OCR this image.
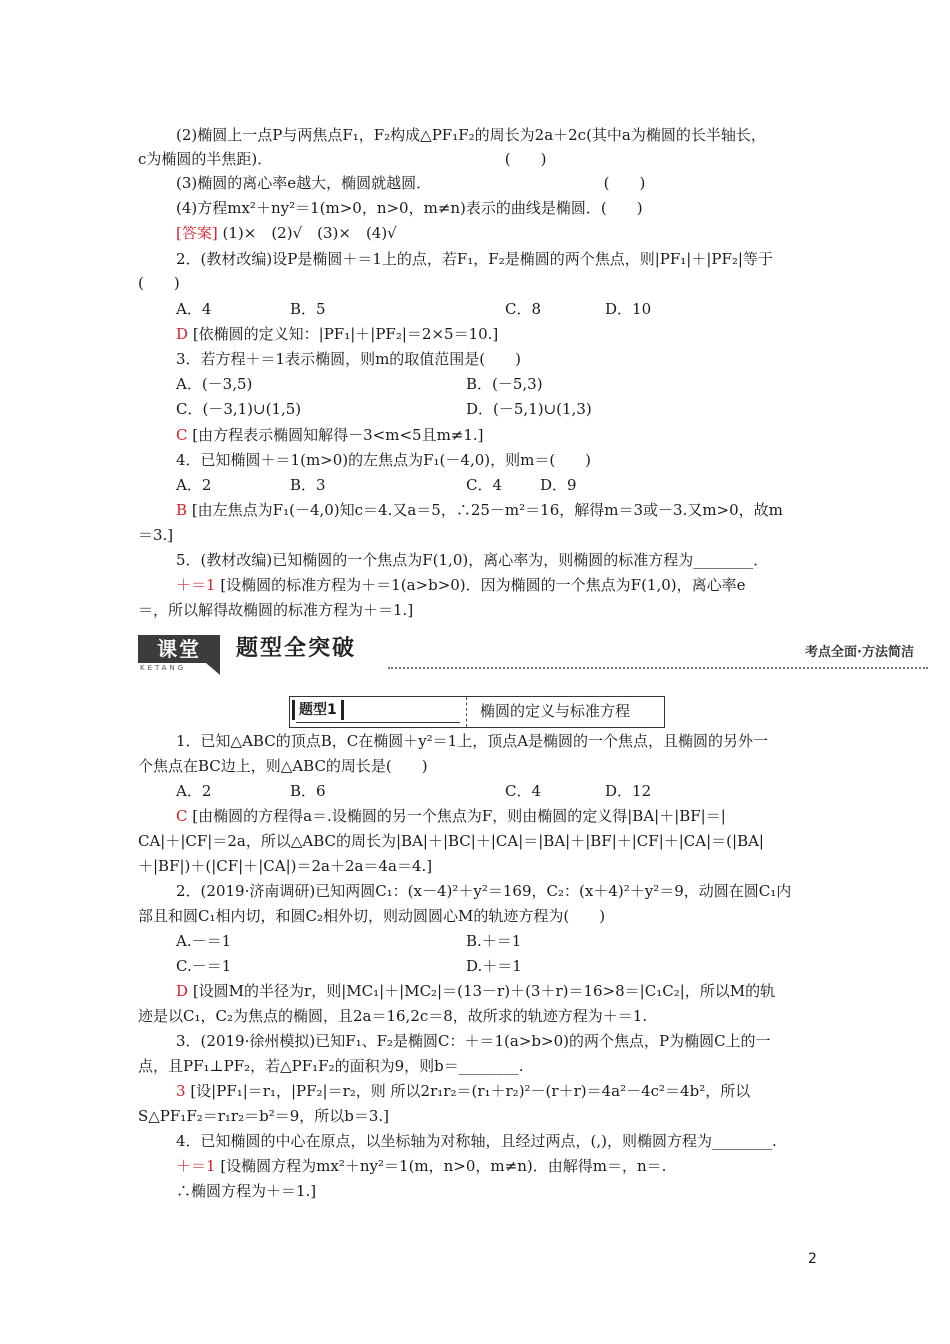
(2)椭圆上一点P与两焦点F₁，F₂构成△PF₁F₂的周长为2a＋2c(其中a为椭圆的长半轴长，
c为椭圆的半焦距)．　　　　　　　　　　　　　　　　(　　)
(3)椭圆的离心率e越大，椭圆就越圆．　　　　　　　　　　　　(　　)
(4)方程mx²＋ny²＝1(m>0，n>0，m≠n)表示的曲线是椭圆．(　　)
[答案] (1)×　(2)√　(3)×　(4)√
2．(教材改编)设P是椭圆＋＝1上的点，若F₁，F₂是椭圆的两个焦点，则|PF₁|＋|PF₂|等于
(　　)
A．4	B．5	C．8	D．10
D [依椭圆的定义知：|PF₁|＋|PF₂|＝2×5＝10.]
3．若方程＋＝1表示椭圆，则m的取值范围是(　　)
A．(－3,5)	B．(－5,3)
C．(－3,1)∪(1,5)	D．(－5,1)∪(1,3)
C [由方程表示椭圆知解得－3<m<5且m≠1.]
4．已知椭圆＋＝1(m>0)的左焦点为F₁(－4,0)，则m＝(　　)
A．2	B．3	C．4	D．9
B [由左焦点为F₁(－4,0)知c＝4.又a＝5，∴25－m²＝16，解得m＝3或－3.又m>0，故m
＝3.]
5．(教材改编)已知椭圆的一个焦点为F(1,0)，离心率为，则椭圆的标准方程为________．
＋＝1 [设椭圆的标准方程为＋＝1(a>b>0)．因为椭圆的一个焦点为F(1,0)，离心率e
＝，所以解得故椭圆的标准方程为＋＝1.]
课堂
KETANG
题型全突破	考点全面·方法简洁
题型1	椭圆的定义与标准方程
1．已知△ABC的顶点B，C在椭圆＋y²＝1上，顶点A是椭圆的一个焦点，且椭圆的另外一
个焦点在BC边上，则△ABC的周长是(　　)
A．2	B．6	C．4	D．12
C [由椭圆的方程得a＝.设椭圆的另一个焦点为F，则由椭圆的定义得|BA|＋|BF|＝|
CA|＋|CF|＝2a，所以△ABC的周长为|BA|＋|BC|＋|CA|＝|BA|＋|BF|＋|CF|＋|CA|＝(|BA|
＋|BF|)＋(|CF|＋|CA|)＝2a＋2a＝4a＝4.]
2．(2019·济南调研)已知两圆C₁：(x－4)²＋y²＝169，C₂：(x＋4)²＋y²＝9，动圆在圆C₁内
部且和圆C₁相内切，和圆C₂相外切，则动圆圆心M的轨迹方程为(　　)
A.－＝1	B.＋＝1
C.－＝1	D.＋＝1
D [设圆M的半径为r，则|MC₁|＋|MC₂|＝(13－r)＋(3＋r)＝16>8＝|C₁C₂|，所以M的轨
迹是以C₁，C₂为焦点的椭圆，且2a＝16,2c＝8，故所求的轨迹方程为＋＝1.
3．(2019·徐州模拟)已知F₁、F₂是椭圆C：＋＝1(a>b>0)的两个焦点，P为椭圆C上的一
点，且PF₁⊥PF₂，若△PF₁F₂的面积为9，则b＝________.
3 [设|PF₁|＝r₁，|PF₂|＝r₂，则 所以2r₁r₂＝(r₁＋r₂)²－(r＋r)＝4a²－4c²＝4b²，所以
S△PF₁F₂＝r₁r₂＝b²＝9，所以b＝3.]
4．已知椭圆的中心在原点，以坐标轴为对称轴，且经过两点，(,)，则椭圆方程为________.
＋＝1 [设椭圆方程为mx²＋ny²＝1(m，n>0，m≠n)．由解得m＝，n＝.
∴椭圆方程为＋＝1.]
2
